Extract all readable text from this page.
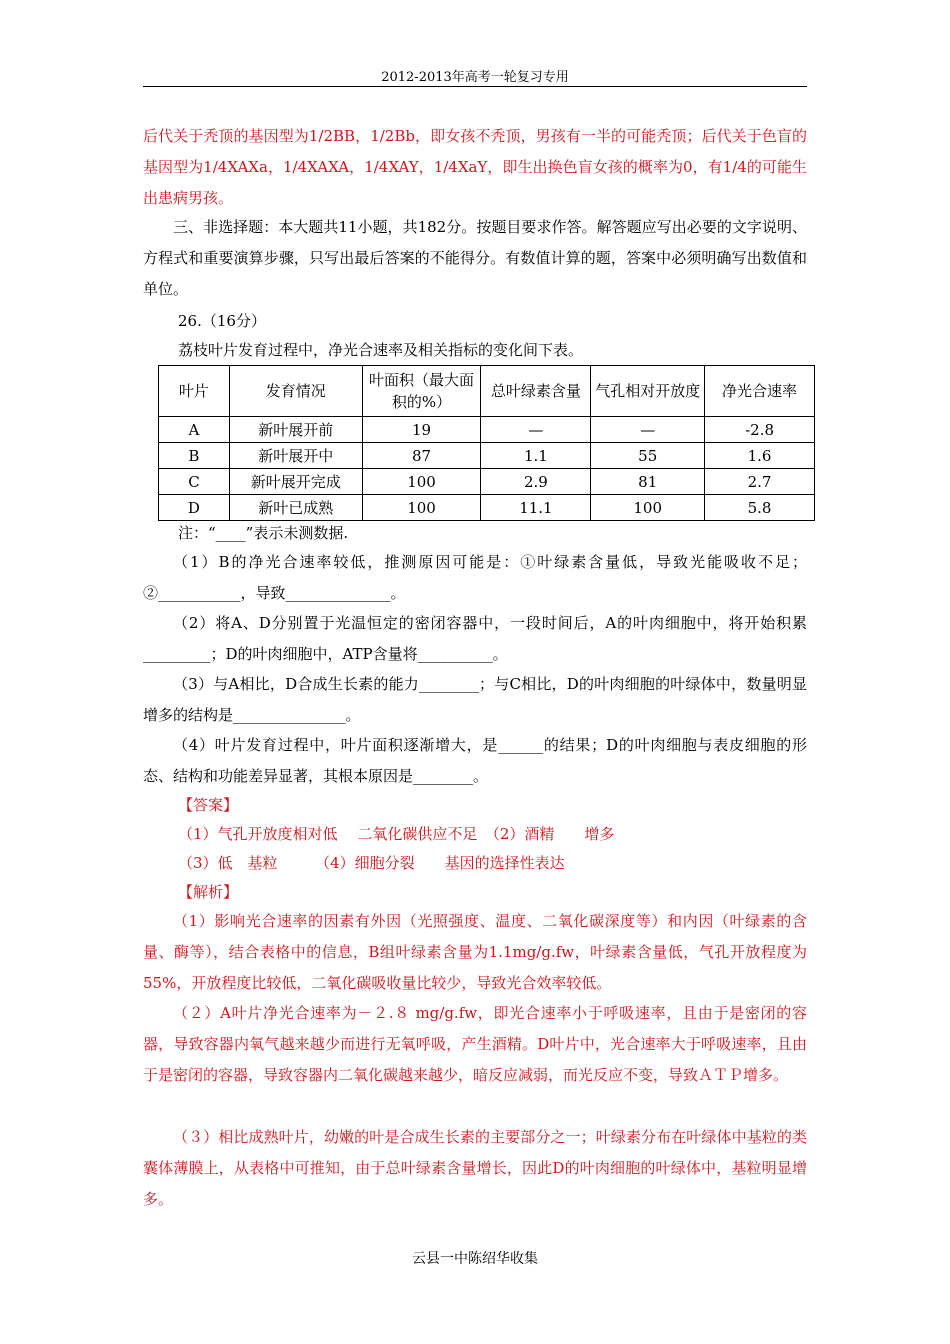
2012-2013年高考一轮复习专用
后代关于秃顶的基因型为1/2BB，1/2Bb，即女孩不秃顶，男孩有一半的可能秃顶；后代关于色盲的基因型为1/4XAXa，1/4XAXA，1/4XAY，1/4XaY，即生出换色盲女孩的概率为0，有1/4的可能生出患病男孩。
三、非选择题：本大题共11小题，共182分。按题目要求作答。解答题应写出必要的文字说明、方程式和重要演算步骤，只写出最后答案的不能得分。有数值计算的题，答案中必须明确写出数值和单位。
26.（16分）
荔枝叶片发育过程中，净光合速率及相关指标的变化间下表。
叶片	发育情况	叶面积（最大面积的%）	总叶绿素含量	气孔相对开放度	净光合速率
A	新叶展开前	19	—	—	-2.8
B	新叶展开中	87	1.1	55	1.6
C	新叶展开完成	100	2.9	81	2.7
D	新叶已成熟	100	11.1	100	5.8
注：“____”表示未测数据.
（1）B的净光合速率较低，推测原因可能是：①叶绿素含量低，导致光能吸收不足；②___________，导致______________。
（2）将A、D分别置于光温恒定的密闭容器中，一段时间后，A的叶肉细胞中，将开始积累_________；D的叶肉细胞中，ATP含量将__________。
（3）与A相比，D合成生长素的能力________；与C相比，D的叶肉细胞的叶绿体中，数量明显增多的结构是_______________。
（4）叶片发育过程中，叶片面积逐渐增大，是______的结果；D的叶肉细胞与表皮细胞的形态、结构和功能差异显著，其根本原因是________。
【答案】
（1）气孔开放度相对低　 二氧化碳供应不足　（2）酒精　　增多
（3）低　基粒　　　（4）细胞分裂　　基因的选择性表达
【解析】
（1）影响光合速率的因素有外因（光照强度、温度、二氧化碳深度等）和内因（叶绿素的含量、酶等），结合表格中的信息，B组叶绿素含量为1.1mg/g.fw，叶绿素含量低，气孔开放程度为55%，开放程度比较低，二氧化碳吸收量比较少，导致光合效率较低。
（２）A叶片净光合速率为－２.８ mg/g.fw，即光合速率小于呼吸速率，且由于是密闭的容器，导致容器内氧气越来越少而进行无氧呼吸，产生酒精。D叶片中，光合速率大于呼吸速率，且由于是密闭的容器，导致容器内二氧化碳越来越少，暗反应减弱，而光反应不变，导致ＡＴＰ增多。
（３）相比成熟叶片，幼嫩的叶是合成生长素的主要部分之一；叶绿素分布在叶绿体中基粒的类囊体薄膜上，从表格中可推知，由于总叶绿素含量增长，因此D的叶肉细胞的叶绿体中，基粒明显增多。
云县一中陈绍华收集
